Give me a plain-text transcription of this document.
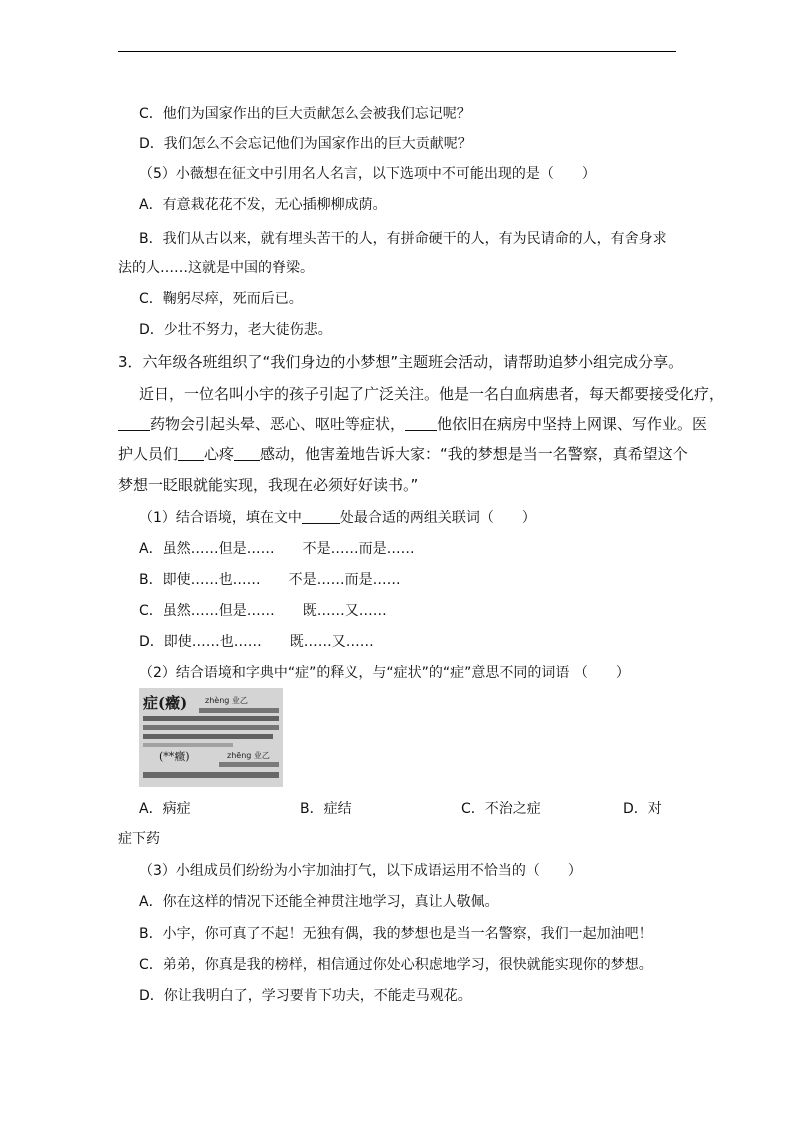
C．他们为国家作出的巨大贡献怎么会被我们忘记呢？
D．我们怎么不会忘记他们为国家作出的巨大贡献呢？
（5）小薇想在征文中引用名人名言，以下选项中不可能出现的是（　　）
A．有意栽花花不发，无心插柳柳成荫。
B．我们从古以来，就有埋头苦干的人，有拼命硬干的人，有为民请命的人，有舍身求
法的人……这就是中国的脊梁。
C．鞠躬尽瘁，死而后已。
D．少壮不努力，老大徒伤悲。
3．六年级各班组织了“我们身边的小梦想”主题班会活动，请帮助追梦小组完成分享。
近日，一位名叫小宇的孩子引起了广泛关注。他是一名白血病患者，每天都要接受化疗，
药物会引起头晕、恶心、呕吐等症状， 他依旧在病房中坚持上网课、写作业。医
护人员们 心疼 感动，他害羞地告诉大家：“我的梦想是当一名警察，真希望这个
梦想一眨眼就能实现，我现在必须好好读书。”
（1）结合语境，填在文中	处最合适的两组关联词（　　）
A．虽然……但是……　　不是……而是……
B．即使……也……　　不是……而是……
C．虽然……但是……　　既……又……
D．即使……也……　　既……又……
（2）结合语境和字典中“症”的释义，与“症状”的“症”意思不同的词语 （　　）
症(癥) zhèng 业乙
(**癥)	zhēng 业乙
A．病症	B．症结	C．不治之症	D．对
症下药
（3）小组成员们纷纷为小宇加油打气，以下成语运用不恰当的（　　）
A．你在这样的情况下还能全神贯注地学习，真让人敬佩。
B．小宇，你可真了不起！无独有偶，我的梦想也是当一名警察，我们一起加油吧！
C．弟弟，你真是我的榜样，相信通过你处心积虑地学习，很快就能实现你的梦想。
D．你让我明白了，学习要肯下功夫，不能走马观花。
